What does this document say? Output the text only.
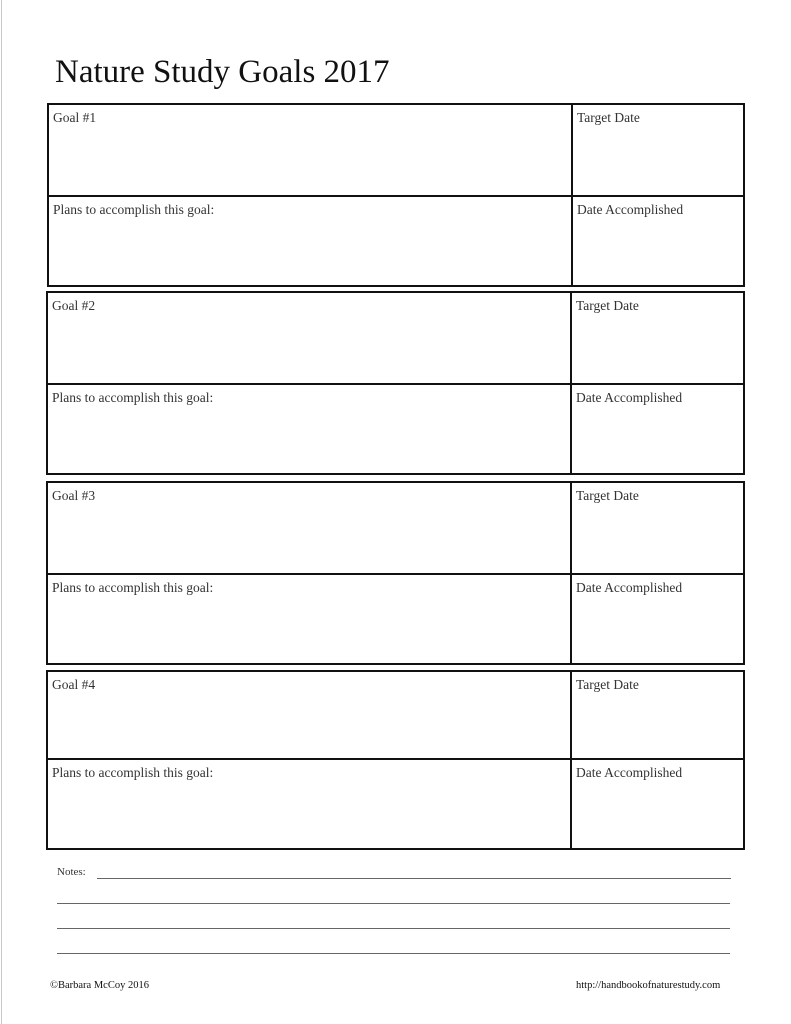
Nature Study Goals 2017
Goal #1	Target Date
Plans to accomplish this goal:	Date Accomplished
Goal #2	Target Date
Plans to accomplish this goal:	Date Accomplished
Goal #3	Target Date
Plans to accomplish this goal:	Date Accomplished
Goal #4	Target Date
Plans to accomplish this goal:	Date Accomplished
Notes:
©Barbara McCoy 2016	http://handbookofnaturestudy.com
